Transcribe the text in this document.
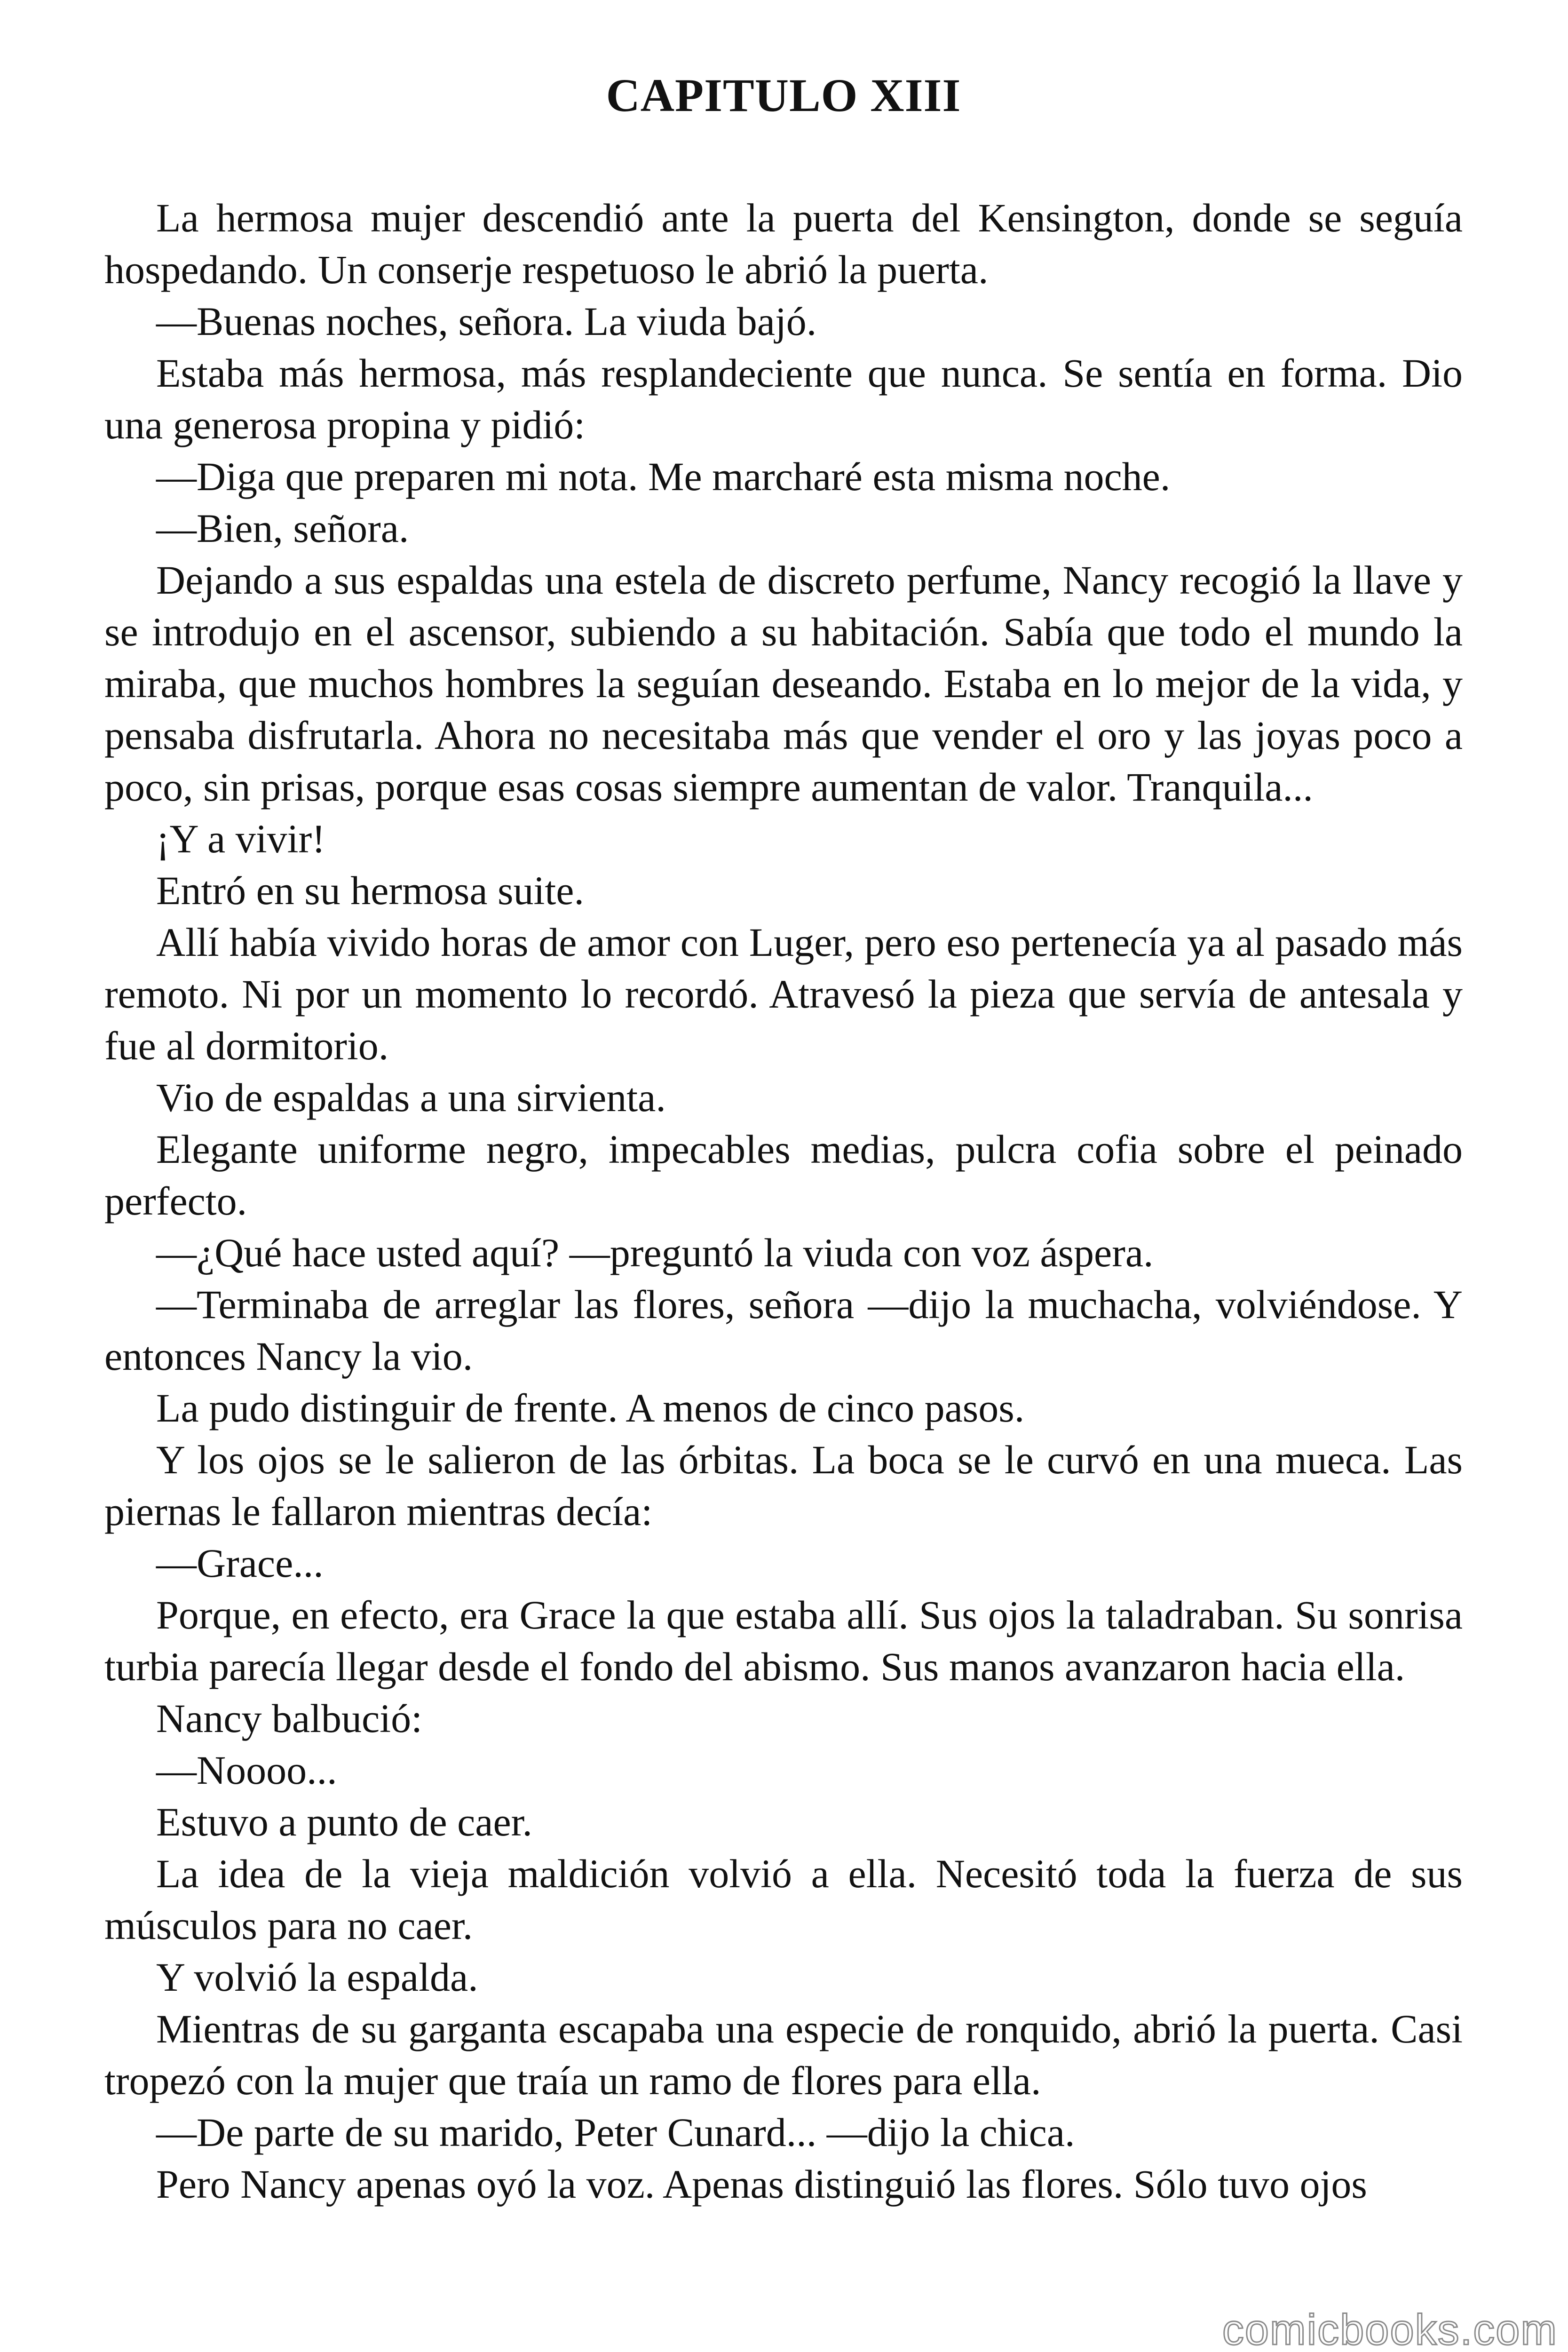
CAPITULO XIII

La hermosa mujer descendió ante la puerta del Kensington, donde se seguía hospedando. Un conserje respetuoso le abrió la puerta.

—Buenas noches, señora. La viuda bajó.

Estaba más hermosa, más resplandeciente que nunca. Se sentía en forma. Dio una generosa propina y pidió:

—Diga que preparen mi nota. Me marcharé esta misma noche.

—Bien, señora.

Dejando a sus espaldas una estela de discreto perfume, Nancy recogió la llave y se introdujo en el ascensor, subiendo a su habitación. Sabía que todo el mundo la miraba, que muchos hombres la seguían deseando. Estaba en lo mejor de la vida, y pensaba disfrutarla. Ahora no necesitaba más que vender el oro y las joyas poco a poco, sin prisas, porque esas cosas siempre aumentan de valor. Tranquila...

¡Y a vivir!

Entró en su hermosa suite.

Allí había vivido horas de amor con Luger, pero eso pertenecía ya al pasado más remoto. Ni por un momento lo recordó. Atravesó la pieza que servía de antesala y fue al dormitorio.

Vio de espaldas a una sirvienta.

Elegante uniforme negro, impecables medias, pulcra cofia sobre el peinado perfecto.

—¿Qué hace usted aquí? —preguntó la viuda con voz áspera.

—Terminaba de arreglar las flores, señora —dijo la muchacha, volviéndose. Y entonces Nancy la vio.

La pudo distinguir de frente. A menos de cinco pasos.

Y los ojos se le salieron de las órbitas. La boca se le curvó en una mueca. Las piernas le fallaron mientras decía:

—Grace...

Porque, en efecto, era Grace la que estaba allí. Sus ojos la taladraban. Su sonrisa turbia parecía llegar desde el fondo del abismo. Sus manos avanzaron hacia ella.

Nancy balbució:

—Noooo...

Estuvo a punto de caer.

La idea de la vieja maldición volvió a ella. Necesitó toda la fuerza de sus músculos para no caer.

Y volvió la espalda.

Mientras de su garganta escapaba una especie de ronquido, abrió la puerta. Casi tropezó con la mujer que traía un ramo de flores para ella.

—De parte de su marido, Peter Cunard... —dijo la chica.

Pero Nancy apenas oyó la voz. Apenas distinguió las flores. Sólo tuvo ojos

comicbooks.com
